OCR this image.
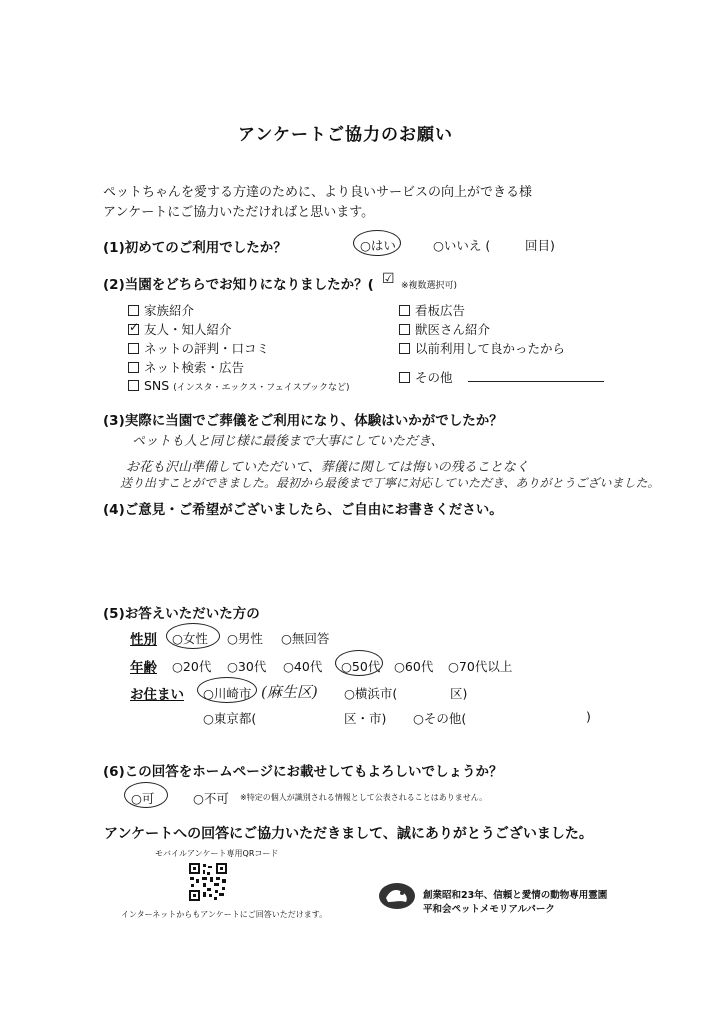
アンケートご協力のお願い
ペットちゃんを愛する方達のために、より良いサービスの向上ができる様
アンケートにご協力いただければと思います。
(1)初めてのご利用でしたか？	○はい	○いいえ (	回目)
(2)当園をどちらでお知りになりましたか？( ☑ ※複数選択可)
家族紹介
✓ 友人・知人紹介
ネットの評判・口コミ
ネット検索・広告
SNS (インスタ・エックス・フェイスブックなど)
看板広告
獣医さん紹介
以前利用して良かったから
その他
(3)実際に当園でご葬儀をご利用になり、体験はいかがでしたか？
ペットも人と同じ様に最後まで大事にしていただき、
お花も沢山準備していただいて、葬儀に関しては悔いの残ることなく
送り出すことができました。最初から最後まで丁寧に対応していただき、ありがとうございました。
(4)ご意見・ご希望がございましたら、ご自由にお書きください。
(5)お答えいただいた方の
性別 ○女性 ○男性 ○無回答
年齢 ○20代 ○30代 ○40代 ○50代 ○60代 ○70代以上
お住まい ○川崎市 (麻生区) ○横浜市(	区)
○東京都(	区・市) ○その他(	)
(6)この回答をホームページにお載せしてもよろしいでしょうか？
○可	○不可 ※特定の個人が識別される情報として公表されることはありません。
アンケートへの回答にご協力いただきまして、誠にありがとうございました。
モバイルアンケート専用QRコード
インターネットからもアンケートにご回答いただけます。
創業昭和23年、信頼と愛情の動物専用霊園
平和会ペットメモリアルパーク
